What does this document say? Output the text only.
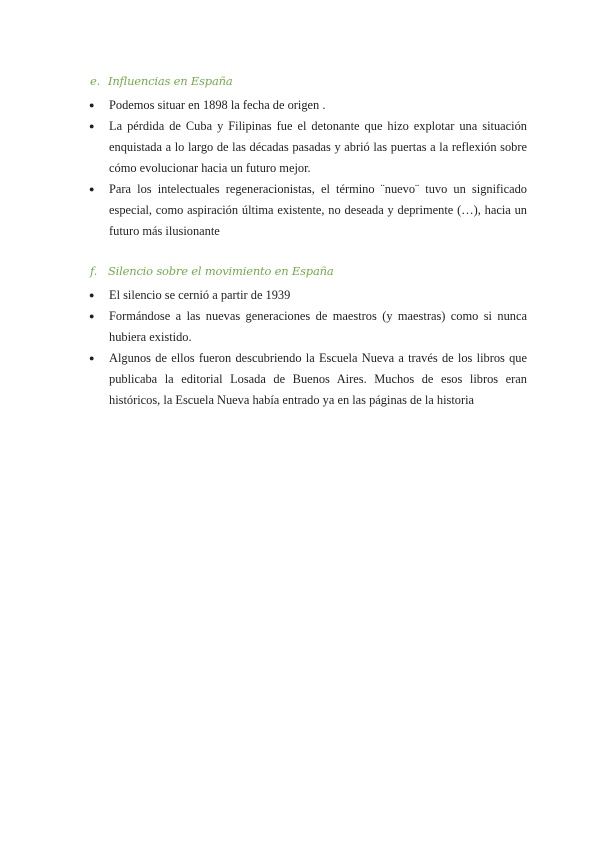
e. Influencias en España
●	Podemos situar en 1898 la fecha de origen .
●	La pérdida de Cuba y Filipinas fue el detonante que hizo explotar una situación enquistada a lo largo de las décadas pasadas y abrió las puertas a la reflexión sobre cómo evolucionar hacia un futuro mejor.
●	Para los intelectuales regeneracionistas, el término ¨nuevo¨ tuvo un significado especial, como aspiración última existente, no deseada y deprimente (…), hacia un futuro más ilusionante
f. Silencio sobre el movimiento en España
●	El silencio se cernió a partir de 1939
●	Formándose a las nuevas generaciones de maestros (y maestras) como si nunca hubiera existido.
●	Algunos de ellos fueron descubriendo la Escuela Nueva a través de los libros que publicaba la editorial Losada de Buenos Aires. Muchos de esos libros eran históricos, la Escuela Nueva había entrado ya en las páginas de la historia
